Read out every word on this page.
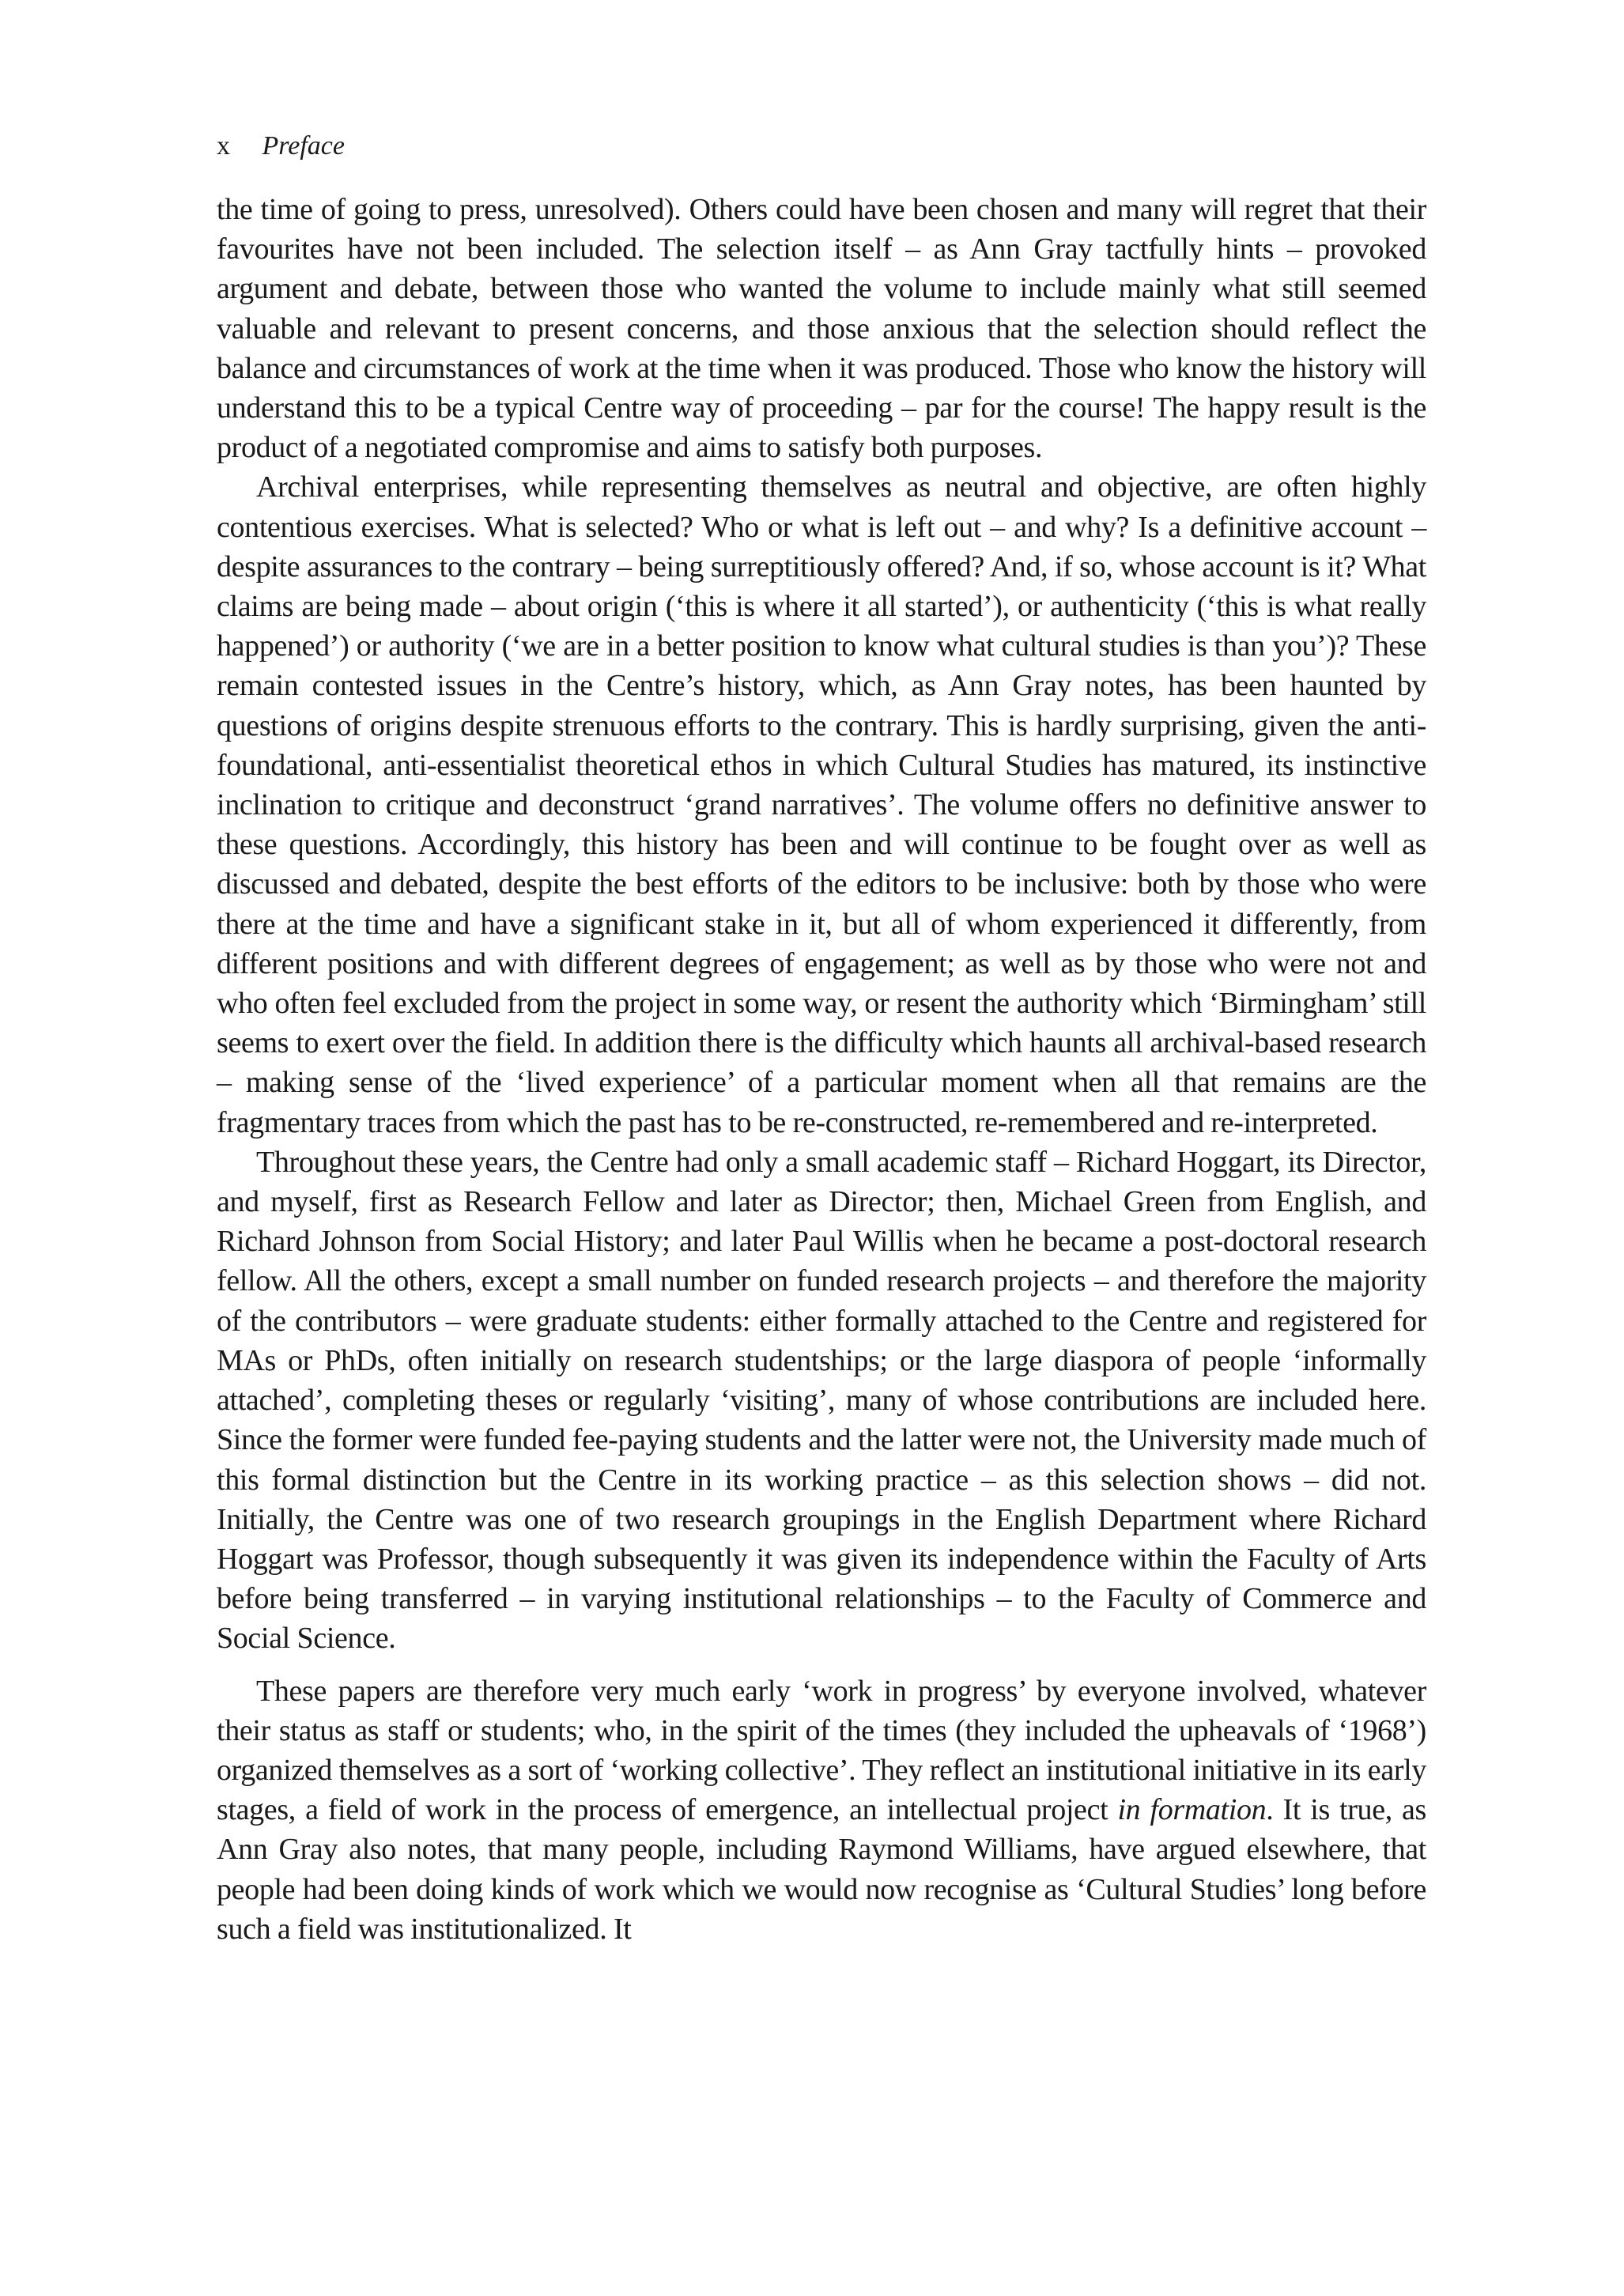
x Preface

the time of going to press, unresolved). Others could have been chosen and many will regret that their favourites have not been included. The selection itself – as Ann Gray tactfully hints – provoked argument and debate, between those who wanted the volume to include mainly what still seemed valuable and relevant to present concerns, and those anxious that the selection should reflect the balance and circumstances of work at the time when it was produced. Those who know the history will understand this to be a typical Centre way of proceeding – par for the course! The happy result is the product of a negotiated compromise and aims to satisfy both purposes.

Archival enterprises, while representing themselves as neutral and objective, are often highly contentious exercises. What is selected? Who or what is left out – and why? Is a definitive account – despite assurances to the contrary – being surreptitiously offered? And, if so, whose account is it? What claims are being made – about origin (‘this is where it all started’), or authenticity (‘this is what really happened’) or authority (‘we are in a better position to know what cultural studies is than you’)? These remain contested issues in the Centre’s history, which, as Ann Gray notes, has been haunted by questions of origins despite strenuous efforts to the contrary. This is hardly surprising, given the anti-foundational, anti-essentialist theoretical ethos in which Cultural Studies has matured, its instinctive inclination to critique and deconstruct ‘grand narratives’. The volume offers no definitive answer to these questions. Accordingly, this history has been and will continue to be fought over as well as discussed and debated, despite the best efforts of the editors to be inclusive: both by those who were there at the time and have a significant stake in it, but all of whom experienced it differently, from different positions and with different degrees of engagement; as well as by those who were not and who often feel excluded from the project in some way, or resent the authority which ‘Birmingham’ still seems to exert over the field. In addition there is the difficulty which haunts all archival-based research – making sense of the ‘lived experience’ of a particular moment when all that remains are the fragmentary traces from which the past has to be re-constructed, re-remembered and re-interpreted.

Throughout these years, the Centre had only a small academic staff – Richard Hoggart, its Director, and myself, first as Research Fellow and later as Director; then, Michael Green from English, and Richard Johnson from Social History; and later Paul Willis when he became a post-doctoral research fellow. All the others, except a small number on funded research projects – and therefore the majority of the contributors – were graduate students: either formally attached to the Centre and registered for MAs or PhDs, often initially on research studentships; or the large diaspora of people ‘informally attached’, completing theses or regularly ‘visiting’, many of whose contributions are included here. Since the former were funded fee-paying students and the latter were not, the University made much of this formal distinction but the Centre in its working practice – as this selection shows – did not. Initially, the Centre was one of two research groupings in the English Department where Richard Hoggart was Professor, though subsequently it was given its independence within the Faculty of Arts before being transferred – in varying institutional relationships – to the Faculty of Commerce and Social Science.

These papers are therefore very much early ‘work in progress’ by everyone involved, whatever their status as staff or students; who, in the spirit of the times (they included the upheavals of ‘1968’) organized themselves as a sort of ‘working collective’. They reflect an institutional initiative in its early stages, a field of work in the process of emergence, an intellectual project in formation. It is true, as Ann Gray also notes, that many people, including Raymond Williams, have argued elsewhere, that people had been doing kinds of work which we would now recognise as ‘Cultural Studies’ long before such a field was institutionalized. It
